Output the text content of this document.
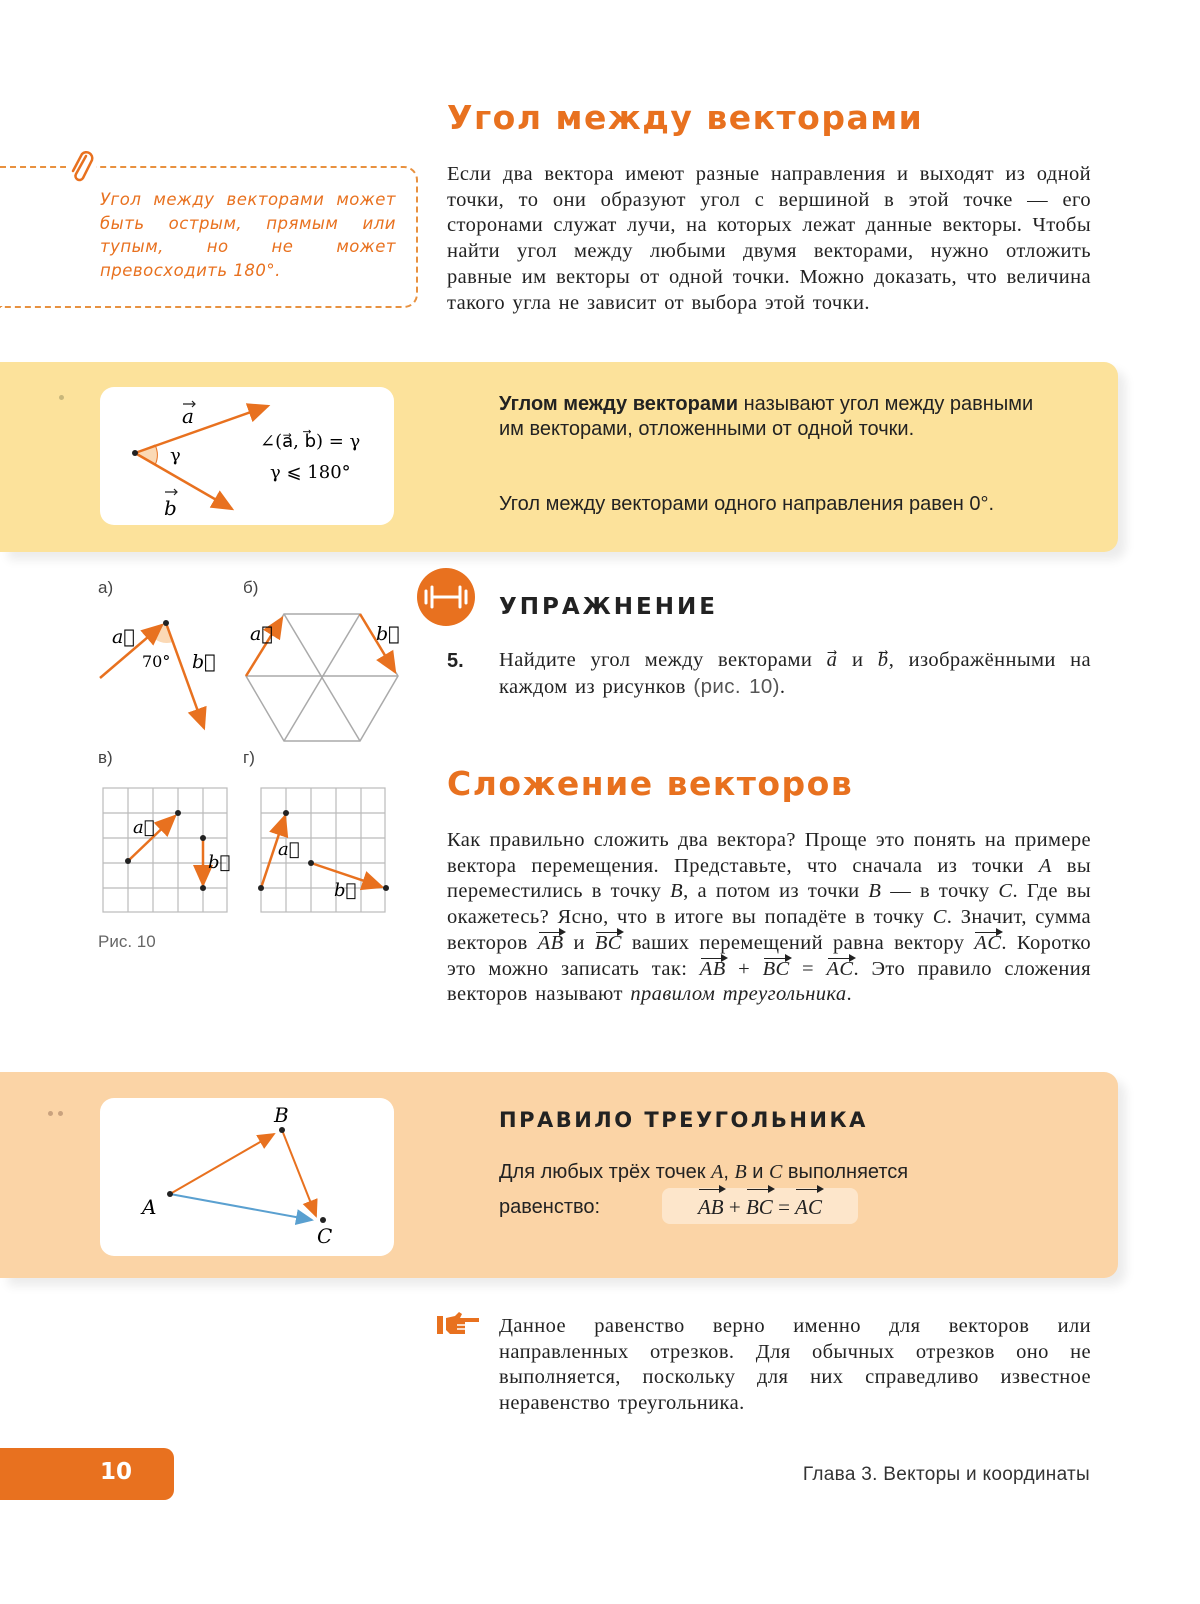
Угол между векторами
Если два вектора имеют разные направления и выходят из одной точки, то они образуют угол с вершиной в этой точке — его сторонами служат лучи, на которых лежат данные векторы. Чтобы найти угол между любыми двумя векторами, нужно отложить равные им векторы от одной точки. Можно доказать, что величина такого угла не зависит от выбора этой точки.
Угол между векторами может быть острым, прямым или тупым, но не может превосходить 180°.
a
b
γ
∠(a⃗, b⃗) = γ
γ ⩽ 180°
Углом между векторами называют угол между равными им векторами, отложенными от одной точки.
Угол между векторами одного направления равен 0°.
а)	б)
в)	г)
a⃗
b⃗
70°
a⃗	b⃗
a⃗
b⃗
a⃗
b⃗
Рис. 10
УПРАЖНЕНИЕ
5. Найдите угол между векторами a⃗ и b⃗, изображёнными на каждом из рисунков (рис. 10).
Сложение векторов
Как правильно сложить два вектора? Проще это понять на примере вектора перемещения. Представьте, что сначала из точки A вы переместились в точку B, а потом из точки B — в точку C. Где вы окажетесь? Ясно, что в итоге вы попадёте в точку C. Значит, сумма векторов AB и BC ваших перемещений равна вектору AC. Коротко это можно записать так: AB + BC = AC. Это правило сложения векторов называют правилом треугольника.
A
B
C
ПРАВИЛО ТРЕУГОЛЬНИКА
Для любых трёх точек A, B и C выполняется
равенство:	AB + BC = AC
Данное равенство верно именно для векторов или направленных отрезков. Для обычных отрезков оно не выполняется, поскольку для них справедливо известное неравенство треугольника.
10	Глава 3. Векторы и координаты
